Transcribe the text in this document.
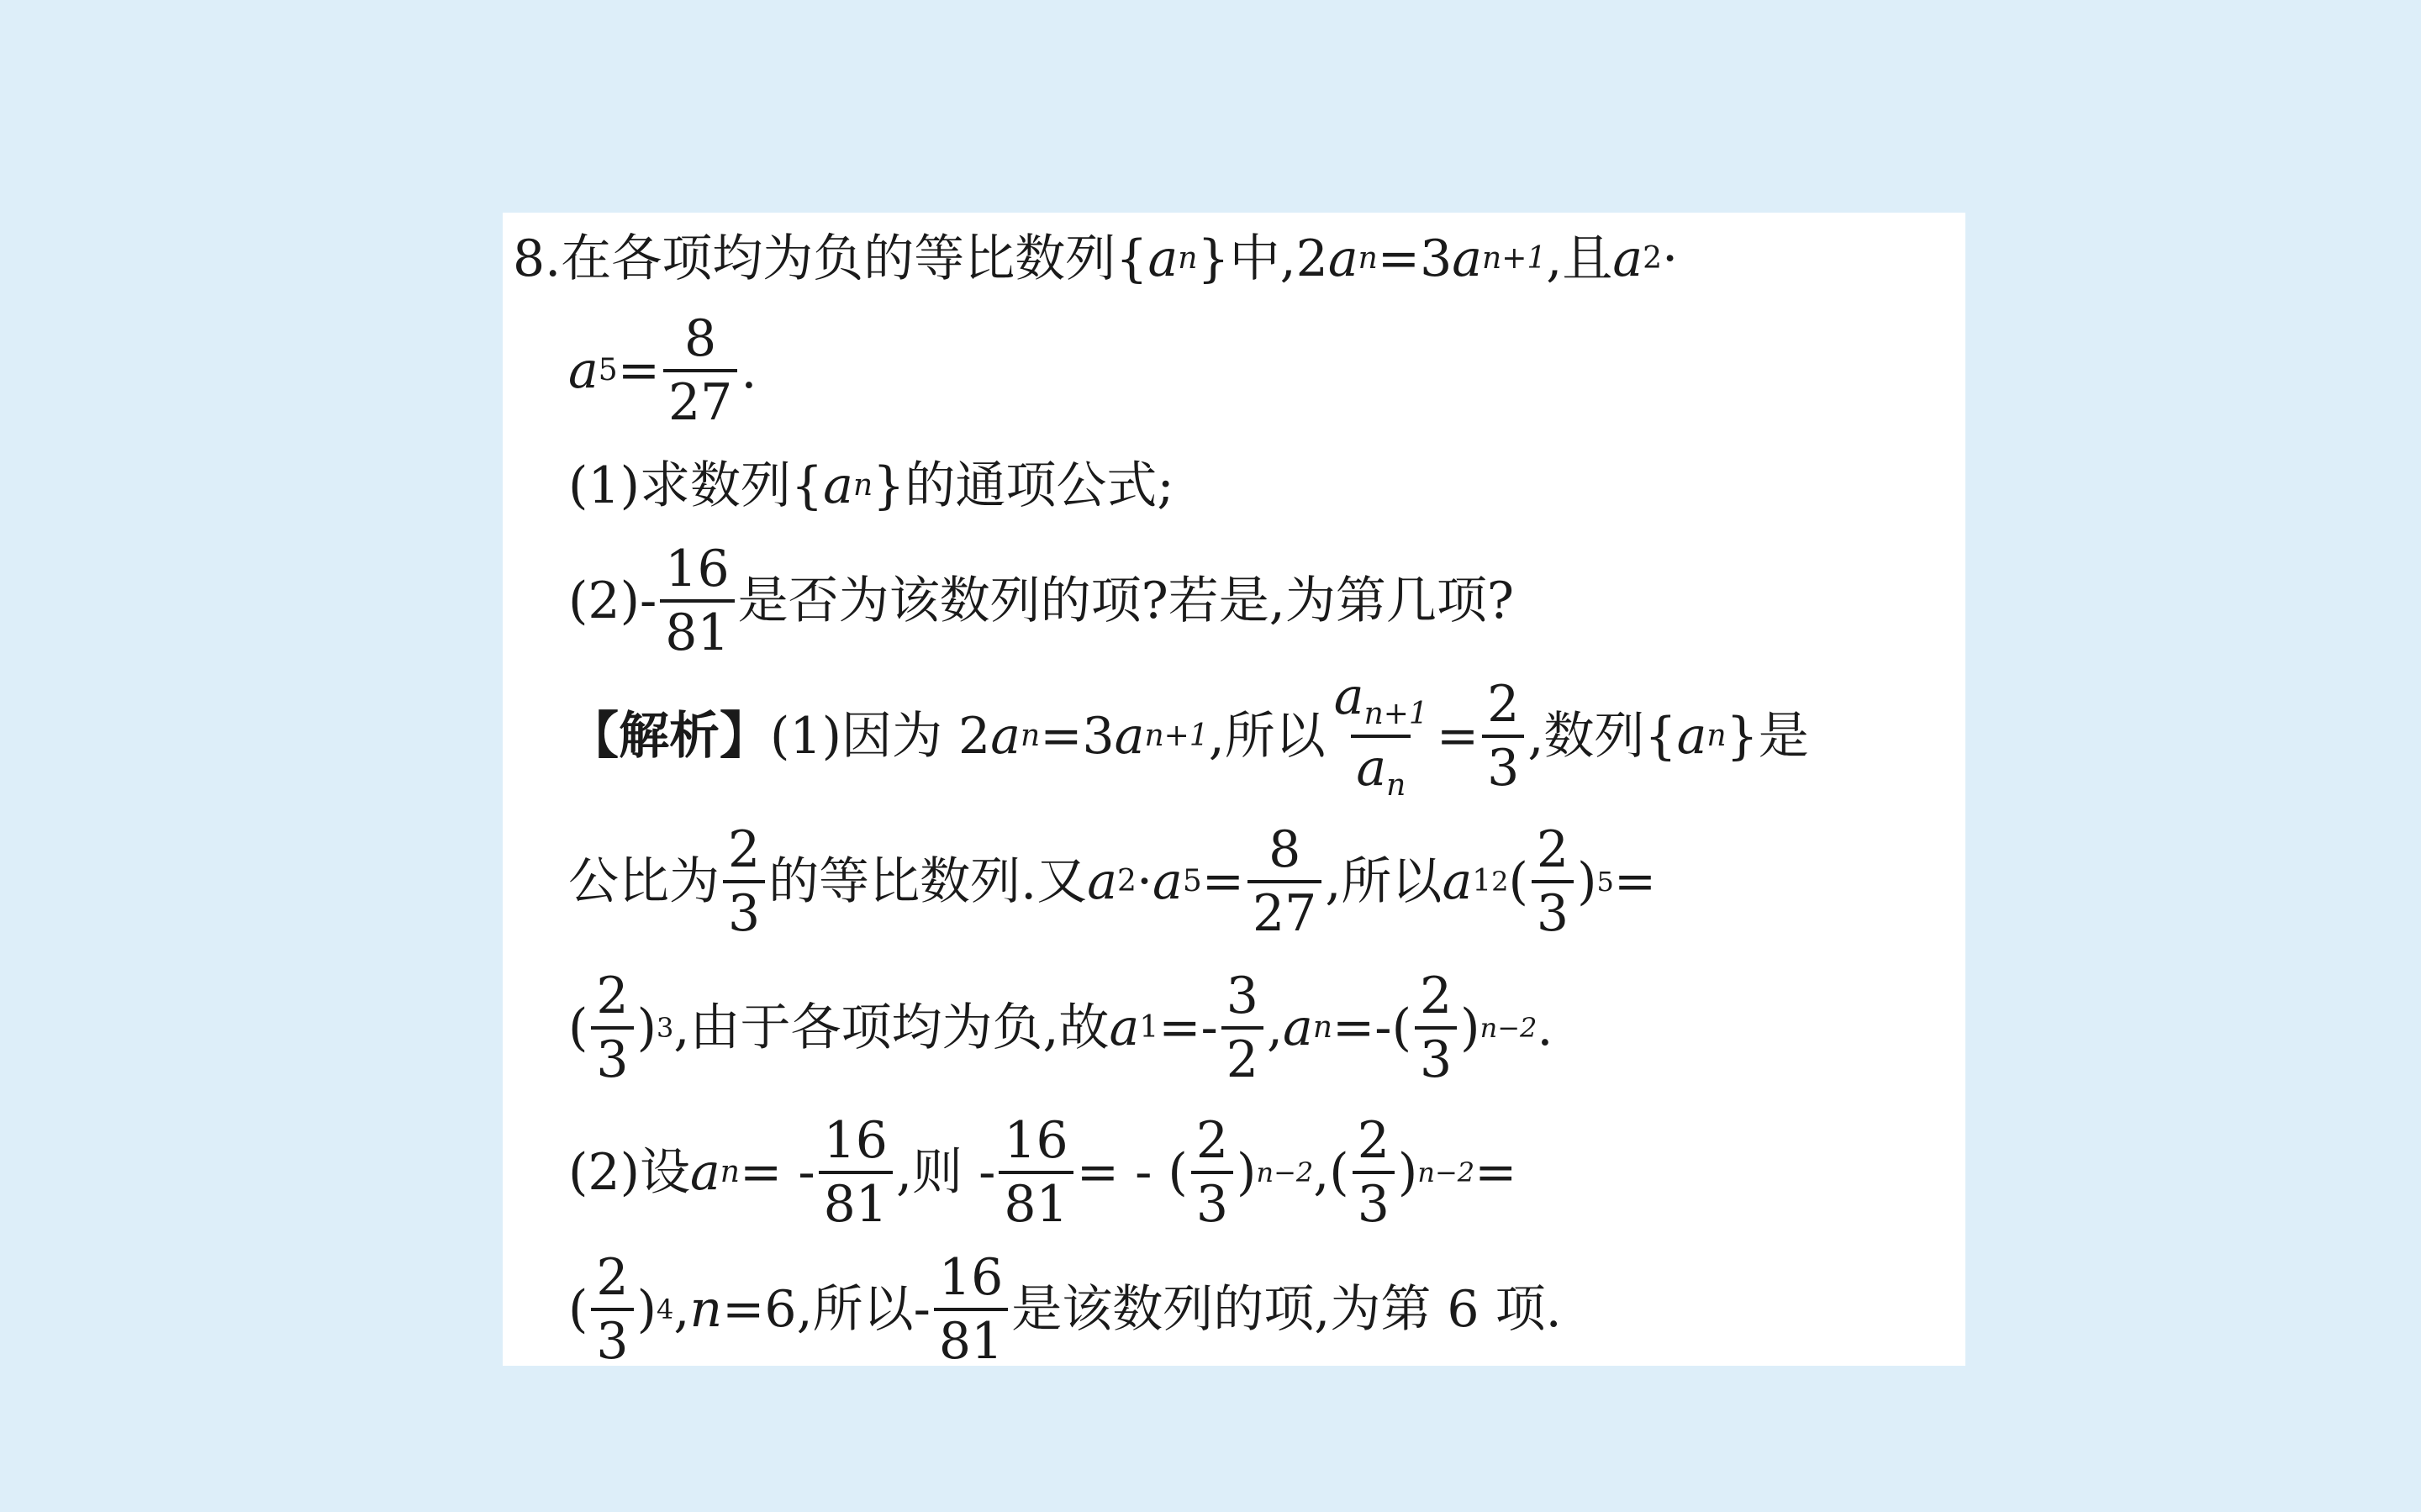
8. 在各项均为负的等比数列{ a n }中,2 a n =3 a n+1 ,且 a 2 ·
a $5 = \frac{8}{27}$ .
(1)求数列{ a n }的通项公式;
$(2)- \frac{16}{81}$ 是否为该数列的项?若是,为第几项?
【解析】 (1)因为 2 a n =3 a n+1 ,所以 $\frac{a_{n+1}}{a_n} = \frac{2}{3}$ ,数列{ a n }是
公比为 $\frac{2}{3}$ 的等比数列.又 a 2 · a $5 = \frac{8}{27}$ ,所以 a 1 2 ( $\frac{2}{3}$ ) 5 =
( $\frac{2}{3}$ ) 3 ,由于各项均为负,故 a $1 =- \frac{3}{2}$ , a n =-( $\frac{2}{3}$ ) n−2 .
(2)设 a n = - $\frac{16}{81}$ ,则 - $\frac{16}{81}$ = - ( $\frac{2}{3}$ ) n−2 ,( $\frac{2}{3}$ ) n−2 =
( $\frac{2}{3}$ ) 4 , n =6,所以- $\frac{16}{81}$ 是该数列的项,为第 6 项.
